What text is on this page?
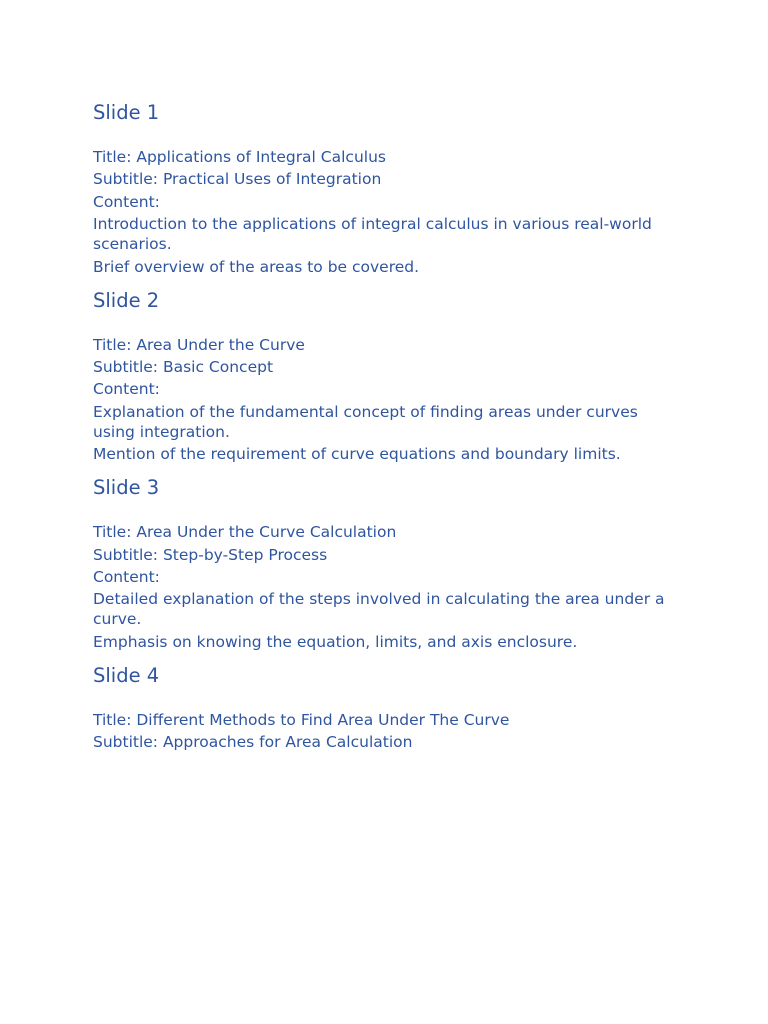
Slide 1
Title: Applications of Integral Calculus
Subtitle: Practical Uses of Integration
Content:
Introduction to the applications of integral calculus in various real-world scenarios.
Brief overview of the areas to be covered.
Slide 2
Title: Area Under the Curve
Subtitle: Basic Concept
Content:
Explanation of the fundamental concept of finding areas under curves using integration.
Mention of the requirement of curve equations and boundary limits.
Slide 3
Title: Area Under the Curve Calculation
Subtitle: Step-by-Step Process
Content:
Detailed explanation of the steps involved in calculating the area under a curve.
Emphasis on knowing the equation, limits, and axis enclosure.
Slide 4
Title: Different Methods to Find Area Under The Curve
Subtitle: Approaches for Area Calculation
